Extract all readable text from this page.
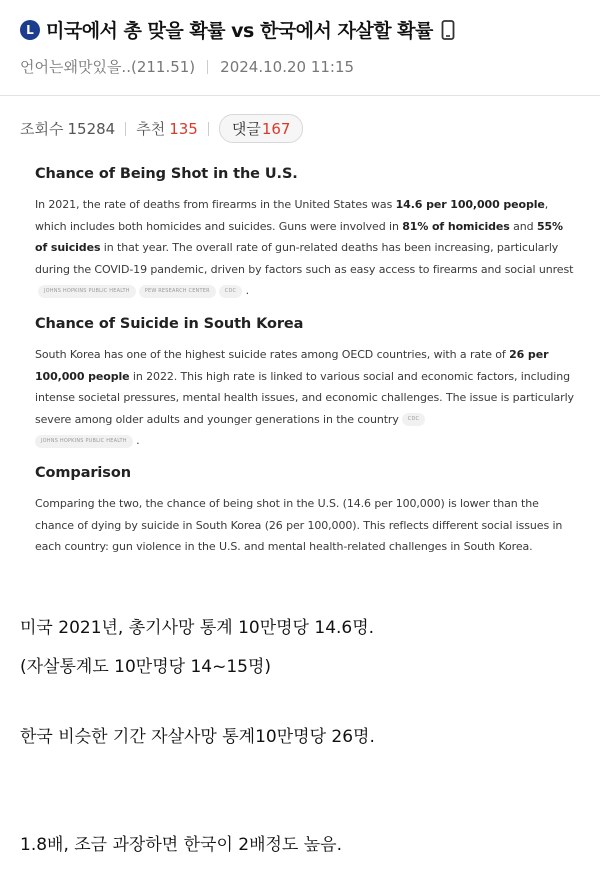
L 미국에서 총 맞을 확률 vs 한국에서 자살할 확률
언어는왜맛있을..(211.51) 2024.10.20 11:15
조회수 15284 추천 135 댓글 167
Chance of Being Shot in the U.S.
In 2021, the rate of deaths from firearms in the United States was 14.6 per 100,000 people, which includes both homicides and suicides. Guns were involved in 81% of homicides and 55% of suicides in that year. The overall rate of gun-related deaths has been increasing, particularly during the COVID-19 pandemic, driven by factors such as easy access to firearms and social unrestJOHNS HOPKINS PUBLIC HEALTH	PEW RESEARCH CENTER	CDC .
Chance of Suicide in South Korea
South Korea has one of the highest suicide rates among OECD countries, with a rate of 26 per 100,000 people in 2022. This high rate is linked to various social and economic factors, including intense societal pressures, mental health issues, and economic challenges. The issue is particularly severe among older adults and younger generations in the country CDC
JOHNS HOPKINS PUBLIC HEALTH .
Comparison
Comparing the two, the chance of being shot in the U.S. (14.6 per 100,000) is lower than the chance of dying by suicide in South Korea (26 per 100,000). This reflects different social issues in each country: gun violence in the U.S. and mental health-related challenges in South Korea.
미국 2021년, 총기사망 통계 10만명당 14.6명.
(자살통계도 10만명당 14~15명)
한국 비슷한 기간 자살사망 통계10만명당 26명.
1.8배, 조금 과장하면 한국이 2배정도 높음.
